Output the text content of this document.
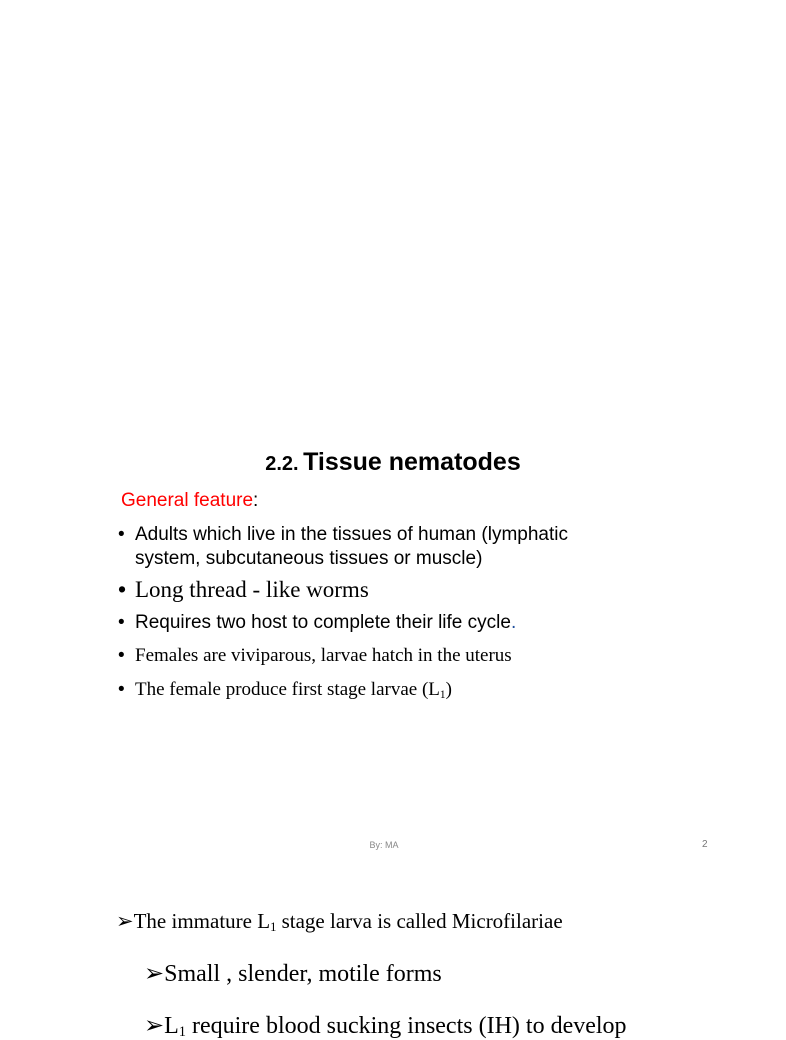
2.2. Tissue nematodes
General feature:
• Adults which live in the tissues of human (lymphatic
system, subcutaneous tissues or muscle)
• Long thread - like worms
• Requires two host to complete their life cycle.
• Females are viviparous, larvae hatch in the uterus
• The female produce first stage larvae $(L_1)$
By: MA	2
➢The immature $L_1$ stage larva is called Microfilariae
➢Small , slender, motile forms
$➢L_1$ require blood sucking insects (IH) to develop
